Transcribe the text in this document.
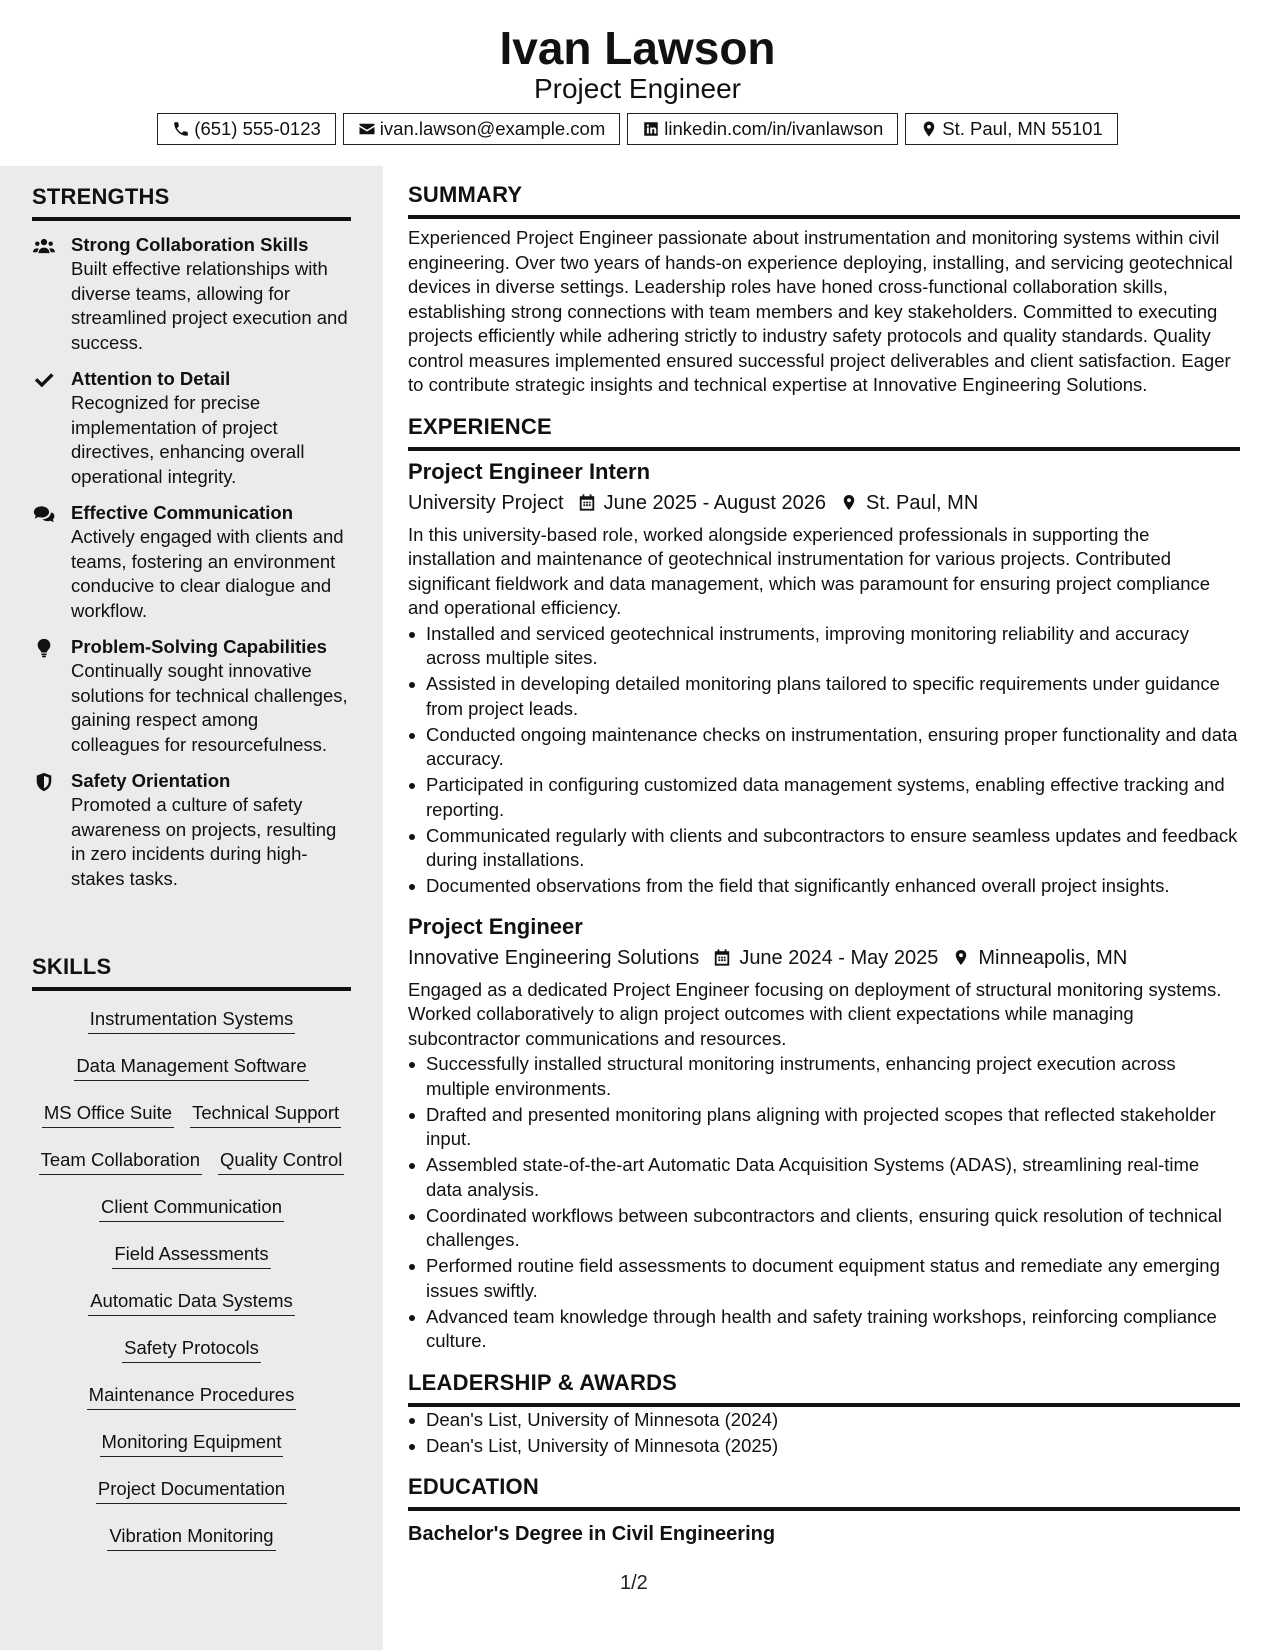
Ivan Lawson
Project Engineer
(651) 555-0123	ivan.lawson@example.com	linkedin.com/in/ivanlawson	St. Paul, MN 55101
STRENGTHS
Strong Collaboration Skills
Built effective relationships with diverse teams, allowing for streamlined project execution and success.
Attention to Detail
Recognized for precise implementation of project directives, enhancing overall operational integrity.
Effective Communication
Actively engaged with clients and teams, fostering an environment conducive to clear dialogue and workflow.
Problem-Solving Capabilities
Continually sought innovative solutions for technical challenges, gaining respect among colleagues for resourcefulness.
Safety Orientation
Promoted a culture of safety awareness on projects, resulting in zero incidents during high-stakes tasks.
SKILLS
Instrumentation Systems
Data Management Software
MS Office Suite Technical Support
Team Collaboration Quality Control
Client Communication
Field Assessments
Automatic Data Systems
Safety Protocols
Maintenance Procedures
Monitoring Equipment
Project Documentation
Vibration Monitoring
SUMMARY
Experienced Project Engineer passionate about instrumentation and monitoring systems within civil engineering. Over two years of hands-on experience deploying, installing, and servicing geotechnical devices in diverse settings. Leadership roles have honed cross-functional collaboration skills, establishing strong connections with team members and key stakeholders. Committed to executing projects efficiently while adhering strictly to industry safety protocols and quality standards. Quality control measures implemented ensured successful project deliverables and client satisfaction. Eager to contribute strategic insights and technical expertise at Innovative Engineering Solutions.
EXPERIENCE
Project Engineer Intern
University Project June 2025 - August 2026 St. Paul, MN
In this university-based role, worked alongside experienced professionals in supporting the installation and maintenance of geotechnical instrumentation for various projects. Contributed significant fieldwork and data management, which was paramount for ensuring project compliance and operational efficiency.
Installed and serviced geotechnical instruments, improving monitoring reliability and accuracy across multiple sites.
Assisted in developing detailed monitoring plans tailored to specific requirements under guidance from project leads.
Conducted ongoing maintenance checks on instrumentation, ensuring proper functionality and data accuracy.
Participated in configuring customized data management systems, enabling effective tracking and reporting.
Communicated regularly with clients and subcontractors to ensure seamless updates and feedback during installations.
Documented observations from the field that significantly enhanced overall project insights.
Project Engineer
Innovative Engineering Solutions June 2024 - May 2025 Minneapolis, MN
Engaged as a dedicated Project Engineer focusing on deployment of structural monitoring systems. Worked collaboratively to align project outcomes with client expectations while managing subcontractor communications and resources.
Successfully installed structural monitoring instruments, enhancing project execution across multiple environments.
Drafted and presented monitoring plans aligning with projected scopes that reflected stakeholder input.
Assembled state-of-the-art Automatic Data Acquisition Systems (ADAS), streamlining real-time data analysis.
Coordinated workflows between subcontractors and clients, ensuring quick resolution of technical challenges.
Performed routine field assessments to document equipment status and remediate any emerging issues swiftly.
Advanced team knowledge through health and safety training workshops, reinforcing compliance culture.
LEADERSHIP & AWARDS
Dean's List, University of Minnesota (2024)
Dean's List, University of Minnesota (2025)
EDUCATION
Bachelor's Degree in Civil Engineering
1/2
